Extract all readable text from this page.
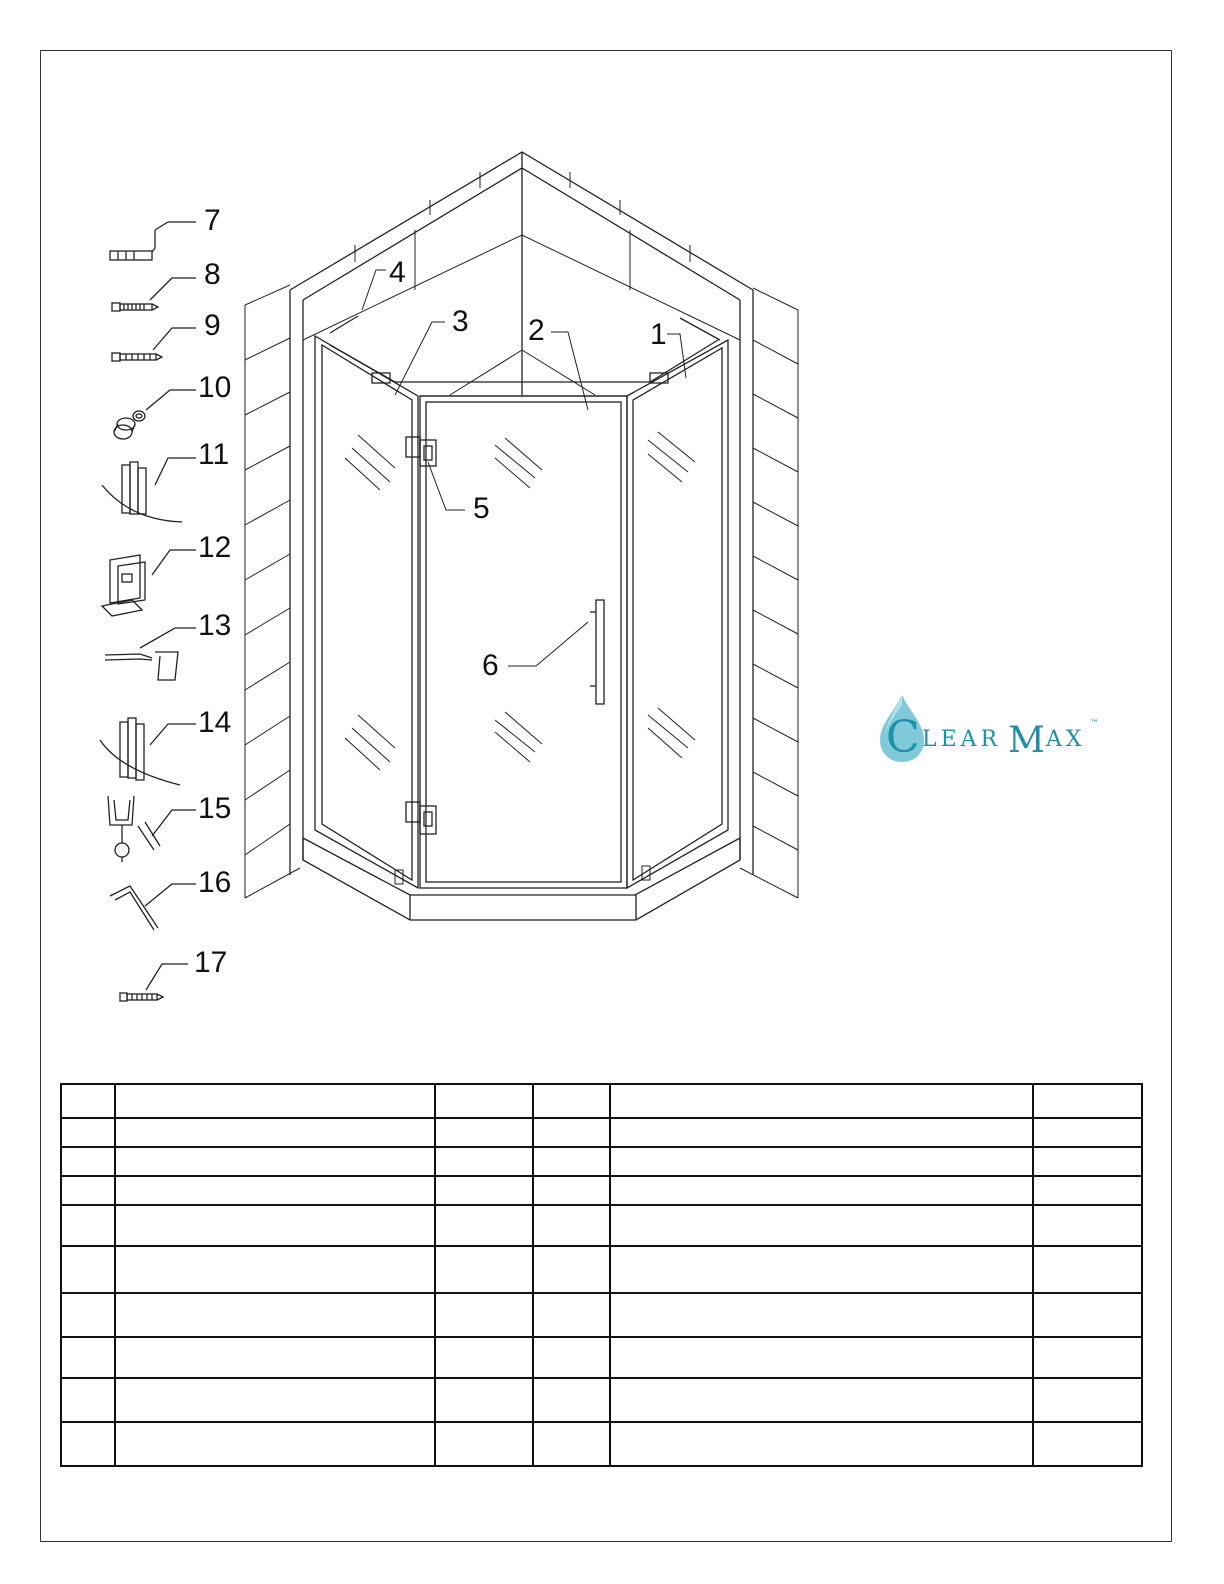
1
2
3
4
5
6
7
8
9
10
11
12
13
14
15
16
17
C LEAR M AX
™
